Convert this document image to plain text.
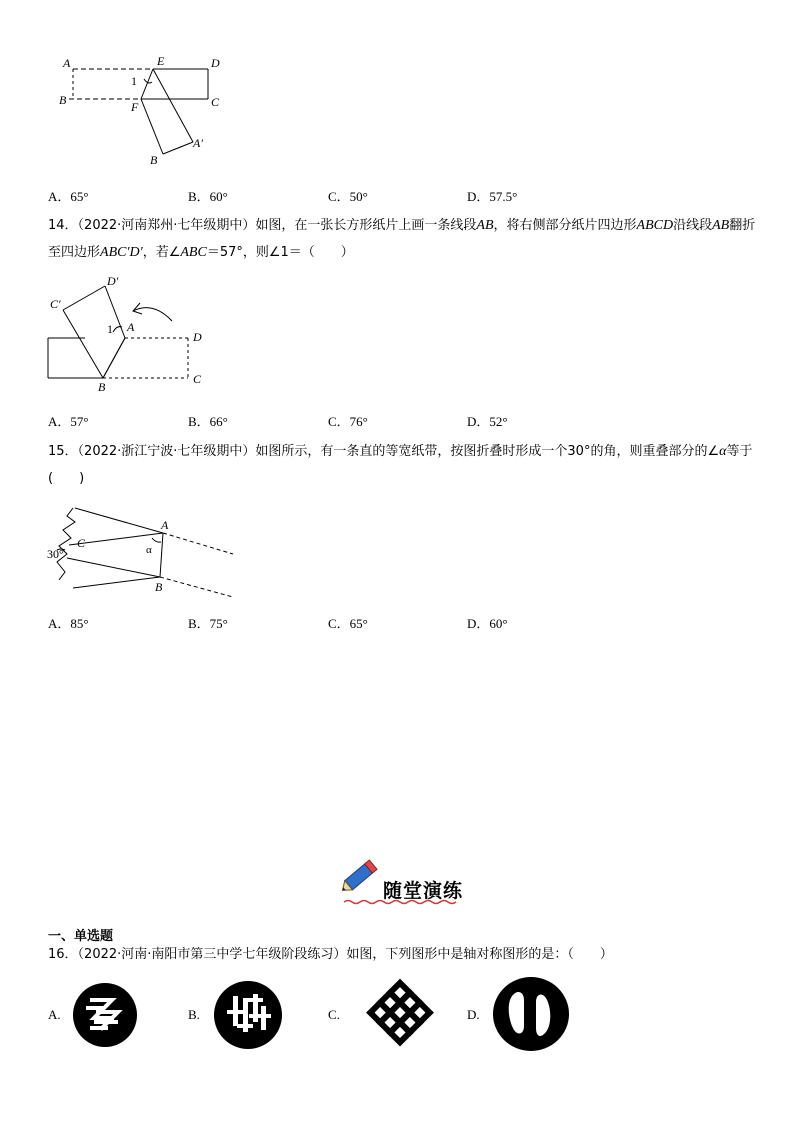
A
B
E	D
1
F	C
B
A′
A．65°	B．60°	C．50°	D．57.5°
14．（2022·河南郑州·七年级期中）如图，在一张长方形纸片上画一条线段AB，将右侧部分纸片四边形ABCD沿线段AB翻折至四边形ABC′D′，若∠ABC＝57°，则∠1＝（　　）
C′
D′
1 A
D
B
C
A．57°	B．66°	C．76°	D．52°
15．（2022·浙江宁波·七年级期中）如图所示，有一条直的等宽纸带，按图折叠时形成一个30°的角，则重叠部分的∠α等于(　　)
A
C	α
30°
B
A．85°	B．75°	C．65°	D．60°
随堂演练
一、单选题
16．（2022·河南·南阳市第三中学七年级阶段练习）如图，下列图形中是轴对称图形的是：（　　）
A.	B.	C.	D.
